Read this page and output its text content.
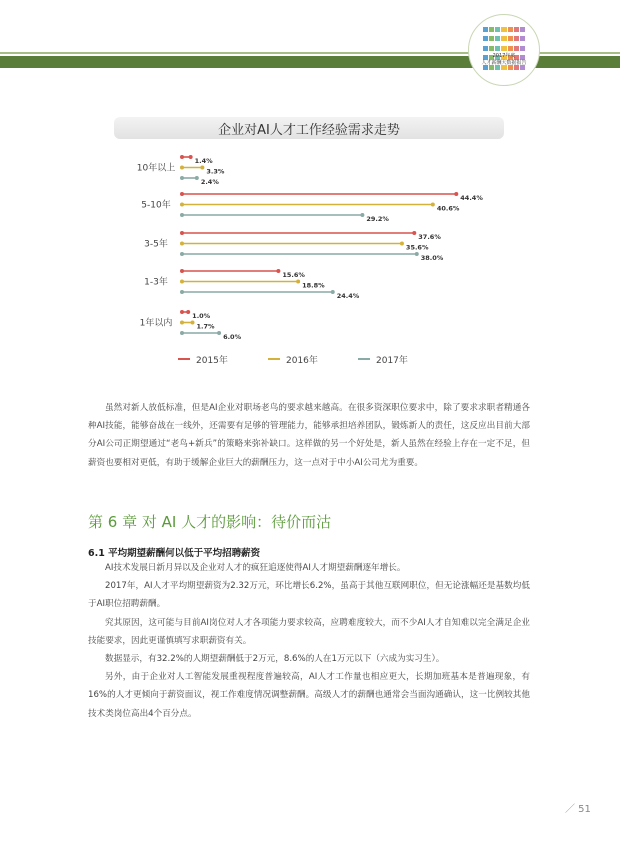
2017年度
人才薪酬大数据报告
企业对AI人才工作经验需求走势
10年以上
1.4%
3.3%
2.4%
5-10年
44.4%
40.6%
29.2%
3-5年
37.6%
35.6%
38.0%
1-3年
15.6%
18.8%
24.4%
1年以内
1.0%
1.7%
6.0%
2015年	2016年	2017年

虽然对新人放低标准，但是AI企业对职场老鸟的要求越来越高。在很多资深职位要求中，除了要求求职者精通各种AI技能，能够奋战在一线外，还需要有足够的管理能力，能够承担培养团队，锻炼新人的责任，这反应出目前大部分AI公司正期望通过“老鸟+新兵”的策略来弥补缺口。这样做的另一个好处是，新人虽然在经验上存在一定不足，但薪资也要相对更低，有助于缓解企业巨大的薪酬压力，这一点对于中小AI公司尤为重要。

第 6 章 对 AI 人才的影响：待价而沽
6.1 平均期望薪酬何以低于平均招聘薪资

AI技术发展日新月异以及企业对人才的疯狂追逐使得AI人才期望薪酬逐年增长。

2017年，AI人才平均期望薪资为2.32万元，环比增长6.2%，虽高于其他互联网职位，但无论涨幅还是基数均低于AI职位招聘薪酬。

究其原因，这可能与目前AI岗位对人才各项能力要求较高，应聘难度较大，而不少AI人才自知难以完全满足企业技能要求，因此更谨慎填写求职薪资有关。

数据显示，有32.2%的人期望薪酬低于2万元，8.6%的人在1万元以下（六成为实习生）。

另外，由于企业对人工智能发展重视程度普遍较高，AI人才工作量也相应更大，长期加班基本是普遍现象，有16%的人才更倾向于薪资面议，视工作难度情况调整薪酬。高级人才的薪酬也通常会当面沟通确认，这一比例较其他技术类岗位高出4个百分点。

／ 51
